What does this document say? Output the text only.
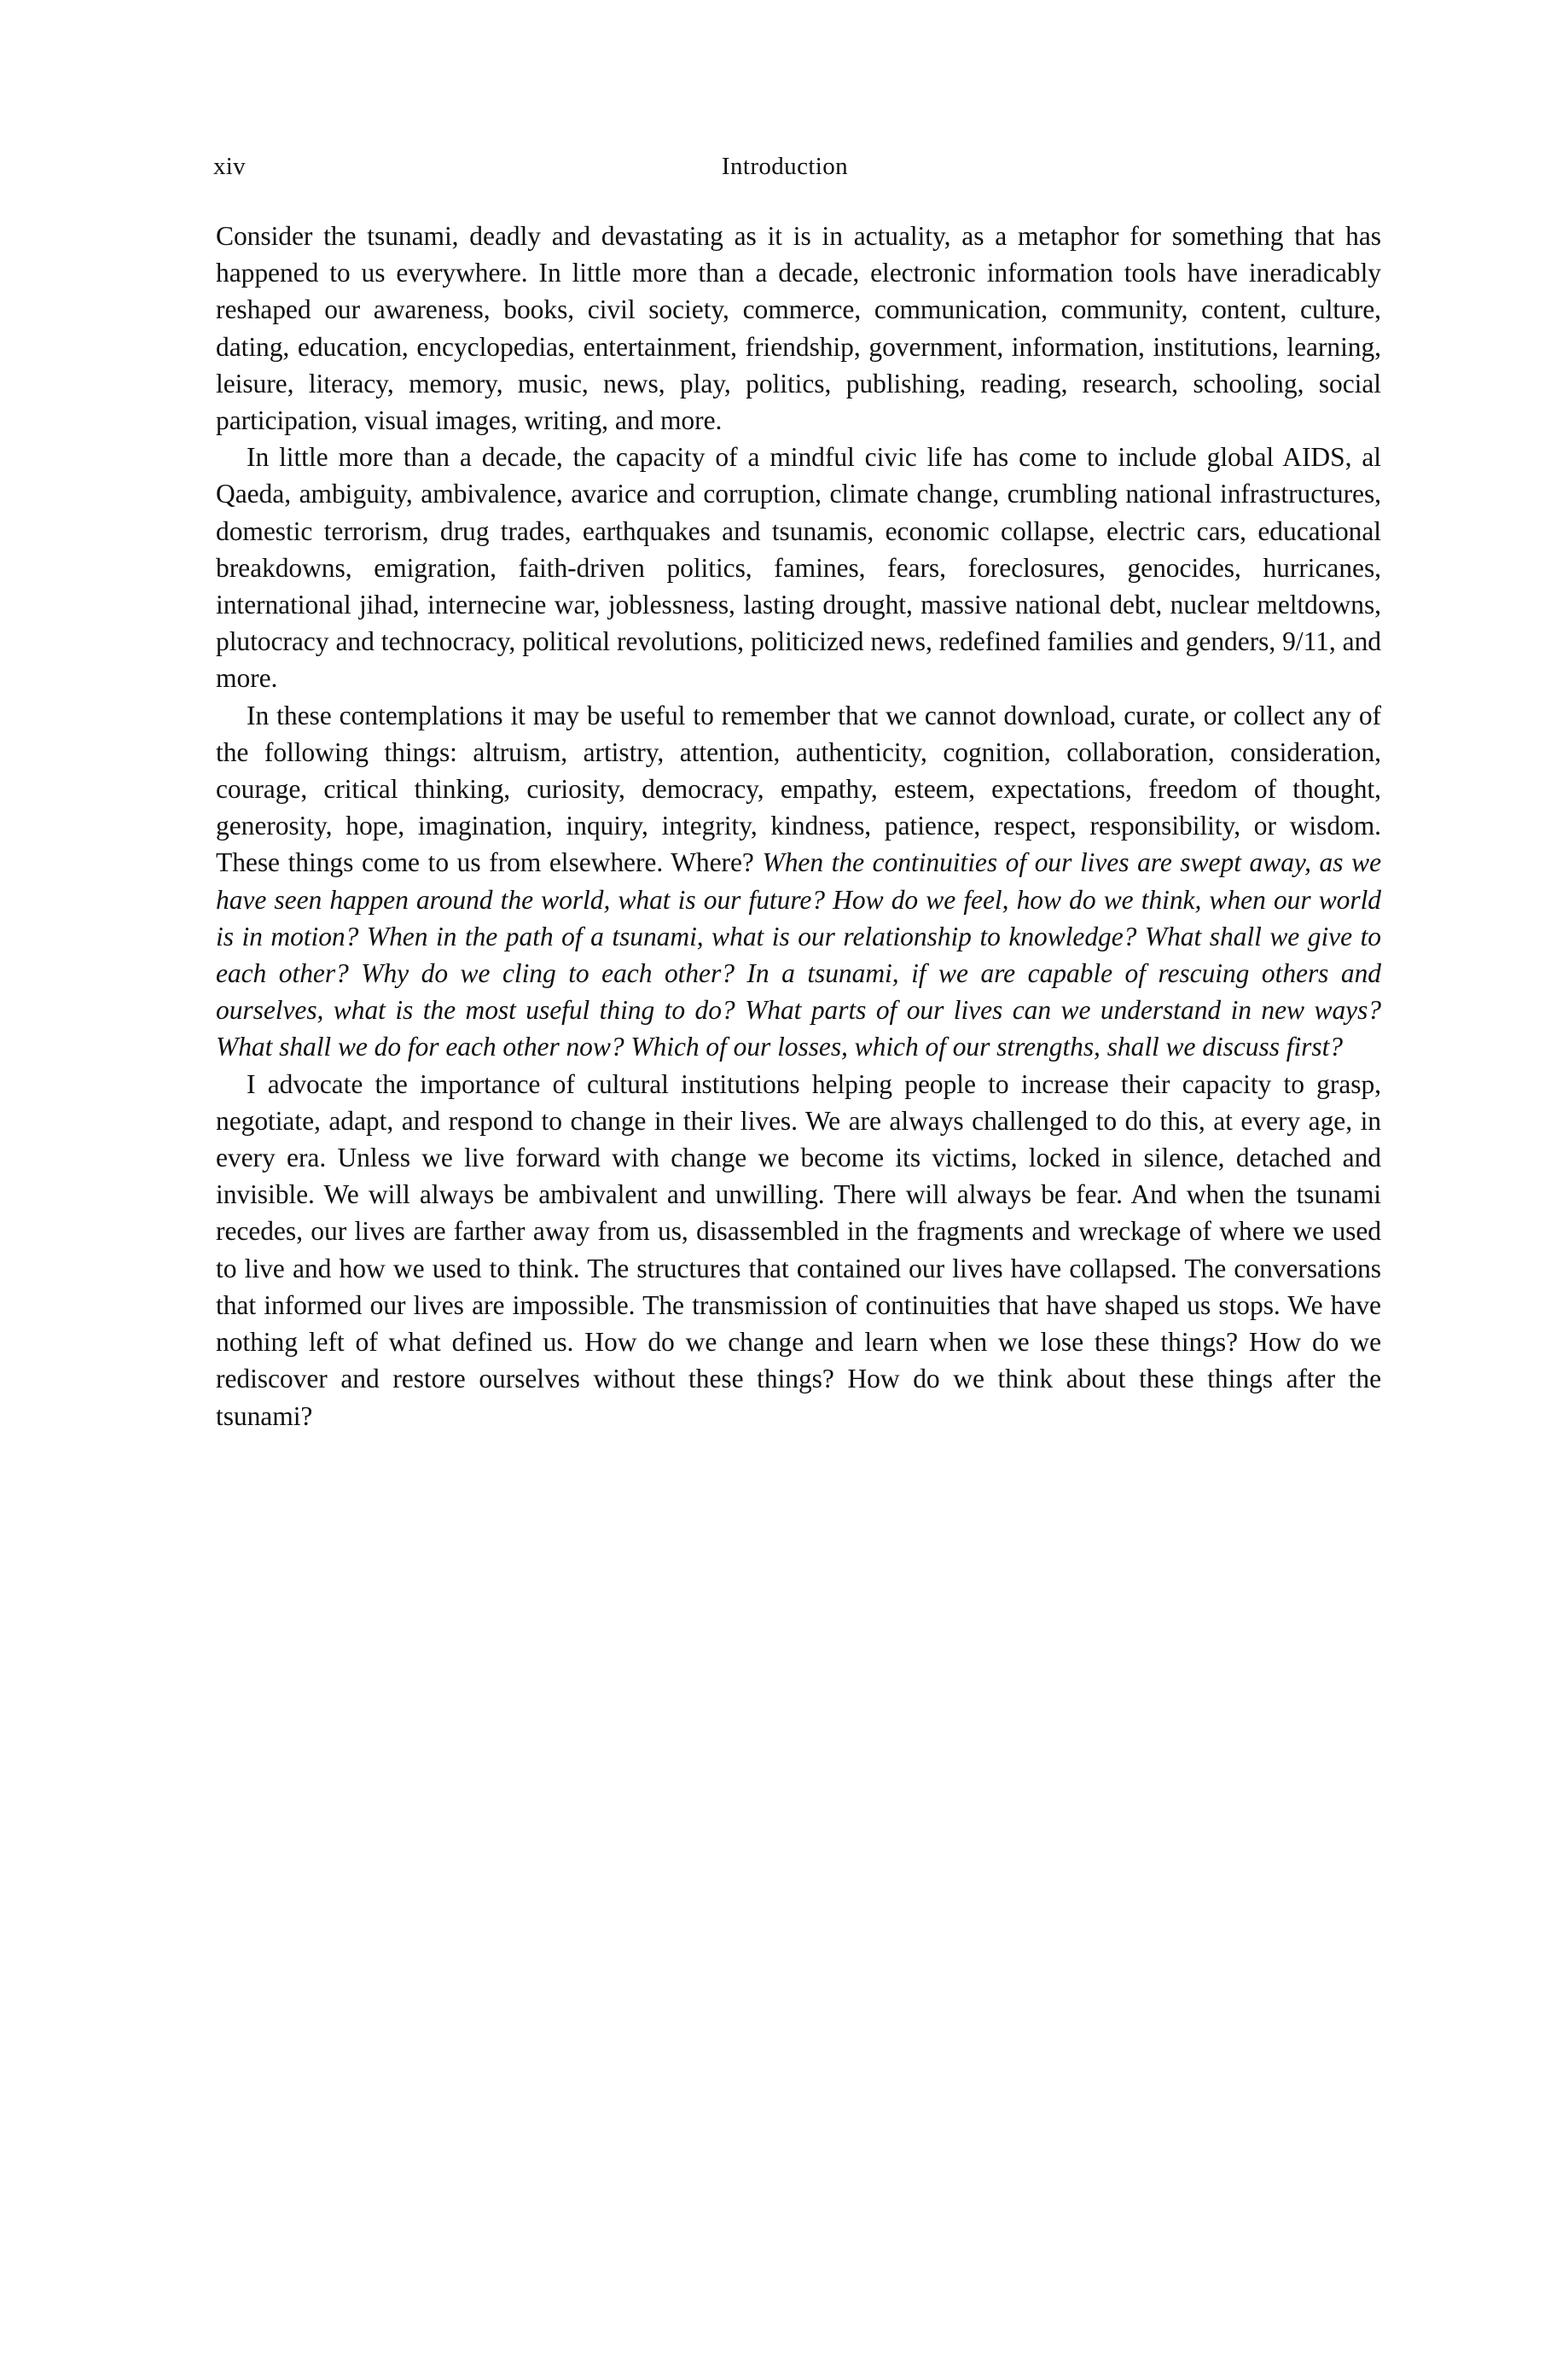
xiv	Introduction

Consider the tsunami, deadly and devastating as it is in actuality, as a metaphor for something that has happened to us everywhere. In little more than a decade, electronic information tools have ineradicably reshaped our awareness, books, civil society, commerce, communication, community, content, culture, dating, education, encyclopedias, entertainment, friendship, government, information, institutions, learning, leisure, literacy, memory, music, news, play, politics, publishing, reading, research, schooling, social participation, visual images, writing, and more.

In little more than a decade, the capacity of a mindful civic life has come to include global AIDS, al Qaeda, ambiguity, ambivalence, avarice and corruption, climate change, crumbling national infrastructures, domestic terrorism, drug trades, earthquakes and tsunamis, economic collapse, electric cars, educational breakdowns, emigration, faith-driven politics, famines, fears, foreclosures, genocides, hurricanes, international jihad, internecine war, joblessness, lasting drought, massive national debt, nuclear meltdowns, plutocracy and technocracy, political revolutions, politicized news, redefined families and genders, 9/11, and more.

In these contemplations it may be useful to remember that we cannot download, curate, or collect any of the following things: altruism, artistry, attention, authenticity, cognition, collaboration, consideration, courage, critical thinking, curiosity, democracy, empathy, esteem, expectations, freedom of thought, generosity, hope, imagination, inquiry, integrity, kindness, patience, respect, responsibility, or wisdom. These things come to us from elsewhere. Where? When the continuities of our lives are swept away, as we have seen happen around the world, what is our future? How do we feel, how do we think, when our world is in motion? When in the path of a tsunami, what is our relationship to knowledge? What shall we give to each other? Why do we cling to each other? In a tsunami, if we are capable of rescuing others and ourselves, what is the most useful thing to do? What parts of our lives can we understand in new ways? What shall we do for each other now? Which of our losses, which of our strengths, shall we discuss first?

I advocate the importance of cultural institutions helping people to increase their capacity to grasp, negotiate, adapt, and respond to change in their lives. We are always challenged to do this, at every age, in every era. Unless we live forward with change we become its victims, locked in silence, detached and invisible. We will always be ambivalent and unwilling. There will always be fear. And when the tsunami recedes, our lives are farther away from us, disassembled in the fragments and wreckage of where we used to live and how we used to think. The structures that contained our lives have collapsed. The conversations that informed our lives are impossible. The transmission of continuities that have shaped us stops. We have nothing left of what defined us. How do we change and learn when we lose these things? How do we rediscover and restore ourselves without these things? How do we think about these things after the tsunami?
